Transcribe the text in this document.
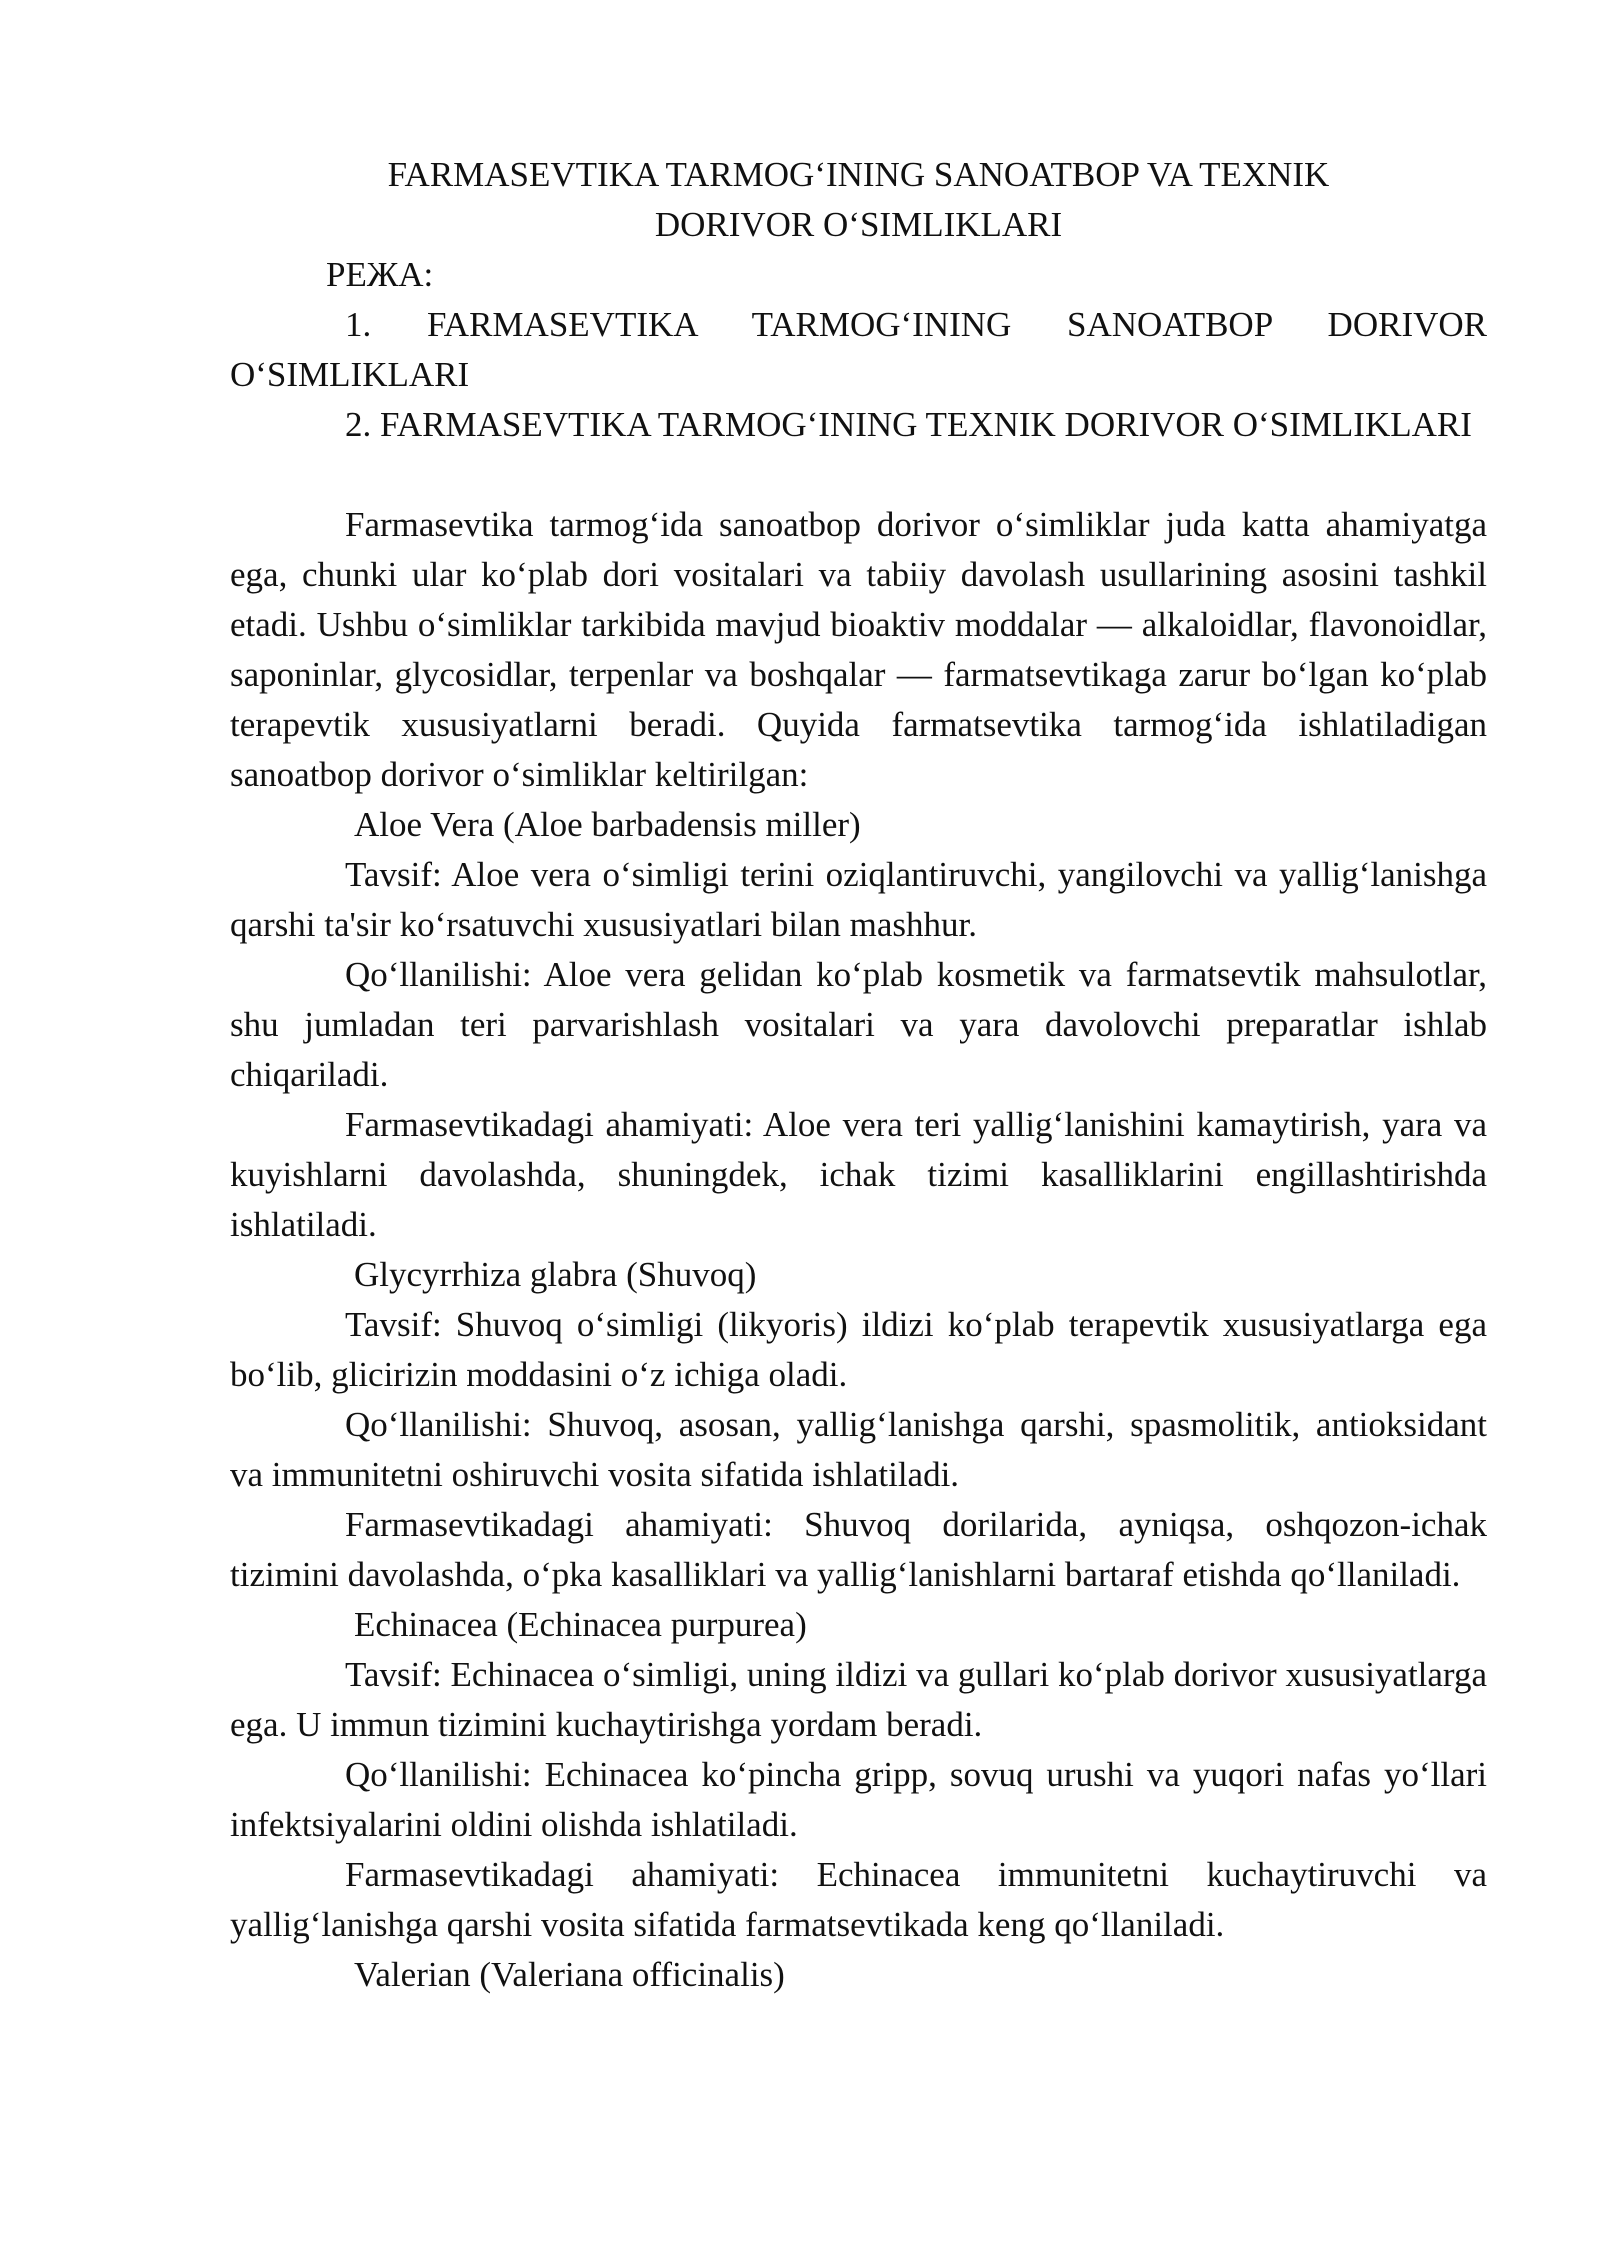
FARMASEVTIKA TARMOG‘INING SANOATBOP VA TEXNIK
DORIVOR O‘SIMLIKLARI
РЕЖА:
1. FARMASEVTIKA TARMOG‘INING SANOATBOP DORIVOR O‘SIMLIKLARI
2. FARMASEVTIKA TARMOG‘INING TEXNIK DORIVOR O‘SIMLIKLARI

Farmasevtika tarmog‘ida sanoatbop dorivor o‘simliklar juda katta ahamiyatga ega, chunki ular ko‘plab dori vositalari va tabiiy davolash usullarining asosini tashkil etadi. Ushbu o‘simliklar tarkibida mavjud bioaktiv moddalar — alkaloidlar, flavonoidlar, saponinlar, glycosidlar, terpenlar va boshqalar — farmatsevtikaga zarur bo‘lgan ko‘plab terapevtik xususiyatlarni beradi. Quyida farmatsevtika tarmog‘ida ishlatiladigan sanoatbop dorivor o‘simliklar keltirilgan:

Aloe Vera (Aloe barbadensis miller)

Tavsif: Aloe vera o‘simligi terini oziqlantiruvchi, yangilovchi va yallig‘lanishga qarshi ta'sir ko‘rsatuvchi xususiyatlari bilan mashhur.

Qo‘llanilishi: Aloe vera gelidan ko‘plab kosmetik va farmatsevtik mahsulotlar, shu jumladan teri parvarishlash vositalari va yara davolovchi preparatlar ishlab chiqariladi.

Farmasevtikadagi ahamiyati: Aloe vera teri yallig‘lanishini kamaytirish, yara va kuyishlarni davolashda, shuningdek, ichak tizimi kasalliklarini engillashtirishda ishlatiladi.

Glycyrrhiza glabra (Shuvoq)

Tavsif: Shuvoq o‘simligi (likyoris) ildizi ko‘plab terapevtik xususiyatlarga ega bo‘lib, glicirizin moddasini o‘z ichiga oladi.

Qo‘llanilishi: Shuvoq, asosan, yallig‘lanishga qarshi, spasmolitik, antioksidant va immunitetni oshiruvchi vosita sifatida ishlatiladi.

Farmasevtikadagi ahamiyati: Shuvoq dorilarida, ayniqsa, oshqozon-ichak tizimini davolashda, o‘pka kasalliklari va yallig‘lanishlarni bartaraf etishda qo‘llaniladi.

Echinacea (Echinacea purpurea)

Tavsif: Echinacea o‘simligi, uning ildizi va gullari ko‘plab dorivor xususiyatlarga ega. U immun tizimini kuchaytirishga yordam beradi.

Qo‘llanilishi: Echinacea ko‘pincha gripp, sovuq urushi va yuqori nafas yo‘llari infektsiyalarini oldini olishda ishlatiladi.

Farmasevtikadagi ahamiyati: Echinacea immunitetni kuchaytiruvchi va yallig‘lanishga qarshi vosita sifatida farmatsevtikada keng qo‘llaniladi.

Valerian (Valeriana officinalis)
